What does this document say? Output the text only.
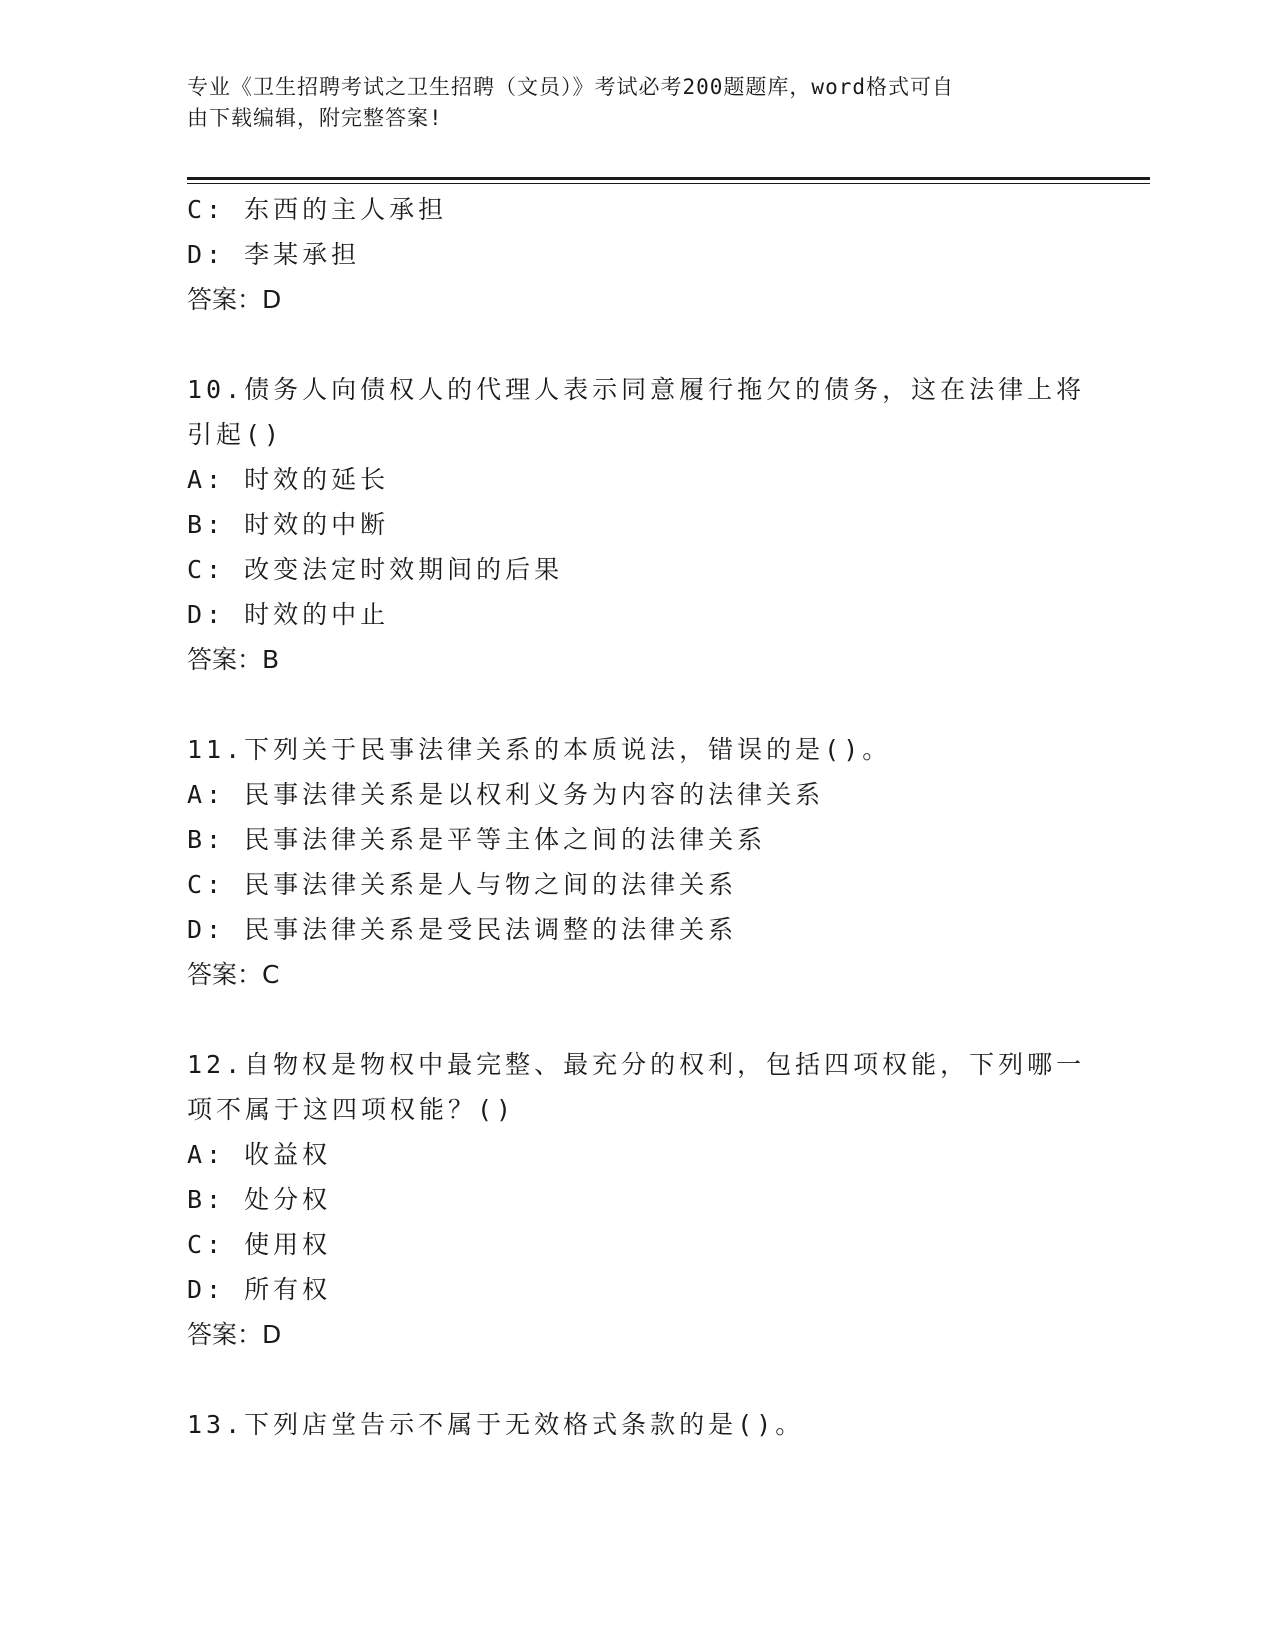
专业《卫生招聘考试之卫生招聘（文员）》考试必考200题题库，word格式可自
由下载编辑，附完整答案!
C: 东西的主人承担
D: 李某承担
答案：D
10.债务人向债权人的代理人表示同意履行拖欠的债务，这在法律上将
引起()
A: 时效的延长
B: 时效的中断
C: 改变法定时效期间的后果
D: 时效的中止
答案：B
11.下列关于民事法律关系的本质说法，错误的是()。
A: 民事法律关系是以权利义务为内容的法律关系
B: 民事法律关系是平等主体之间的法律关系
C: 民事法律关系是人与物之间的法律关系
D: 民事法律关系是受民法调整的法律关系
答案：C
12.自物权是物权中最完整、最充分的权利，包括四项权能，下列哪一
项不属于这四项权能？()
A: 收益权
B: 处分权
C: 使用权
D: 所有权
答案：D
13.下列店堂告示不属于无效格式条款的是()。
